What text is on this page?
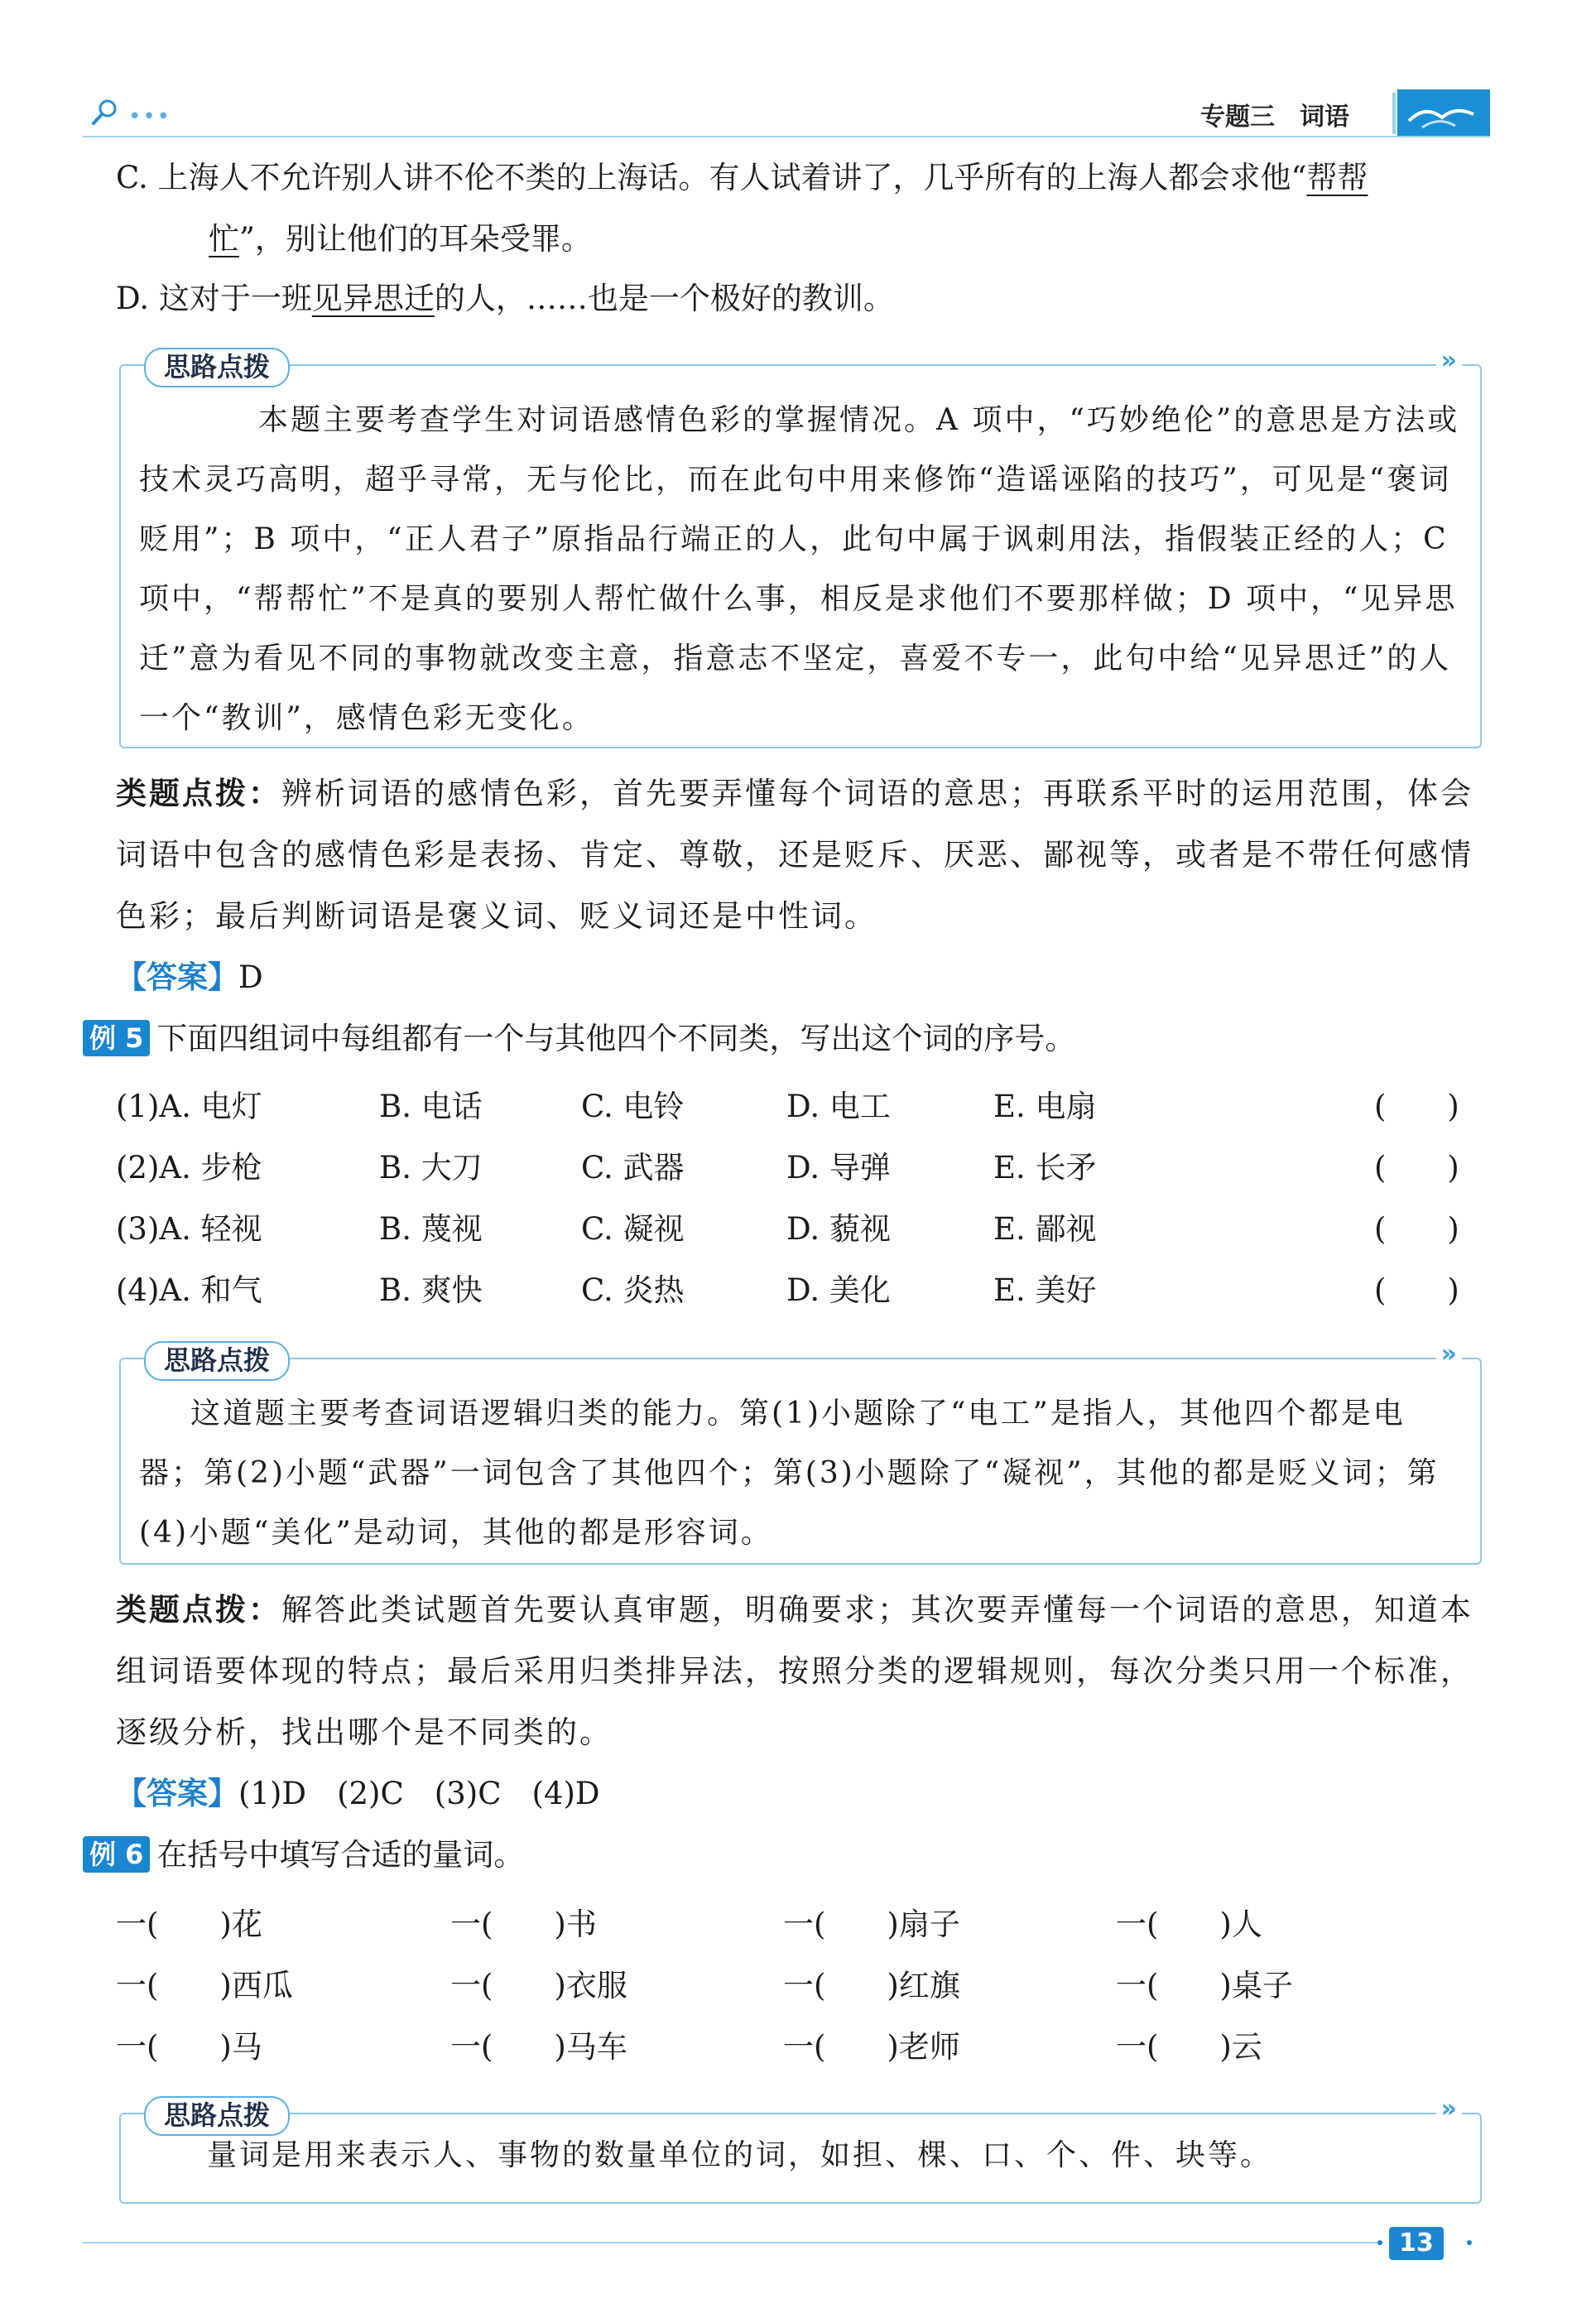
•••	专题三　词语
C. 上海人不允许别人讲不伦不类的上海话。有人试着讲了，几乎所有的上海人都会求他“帮帮
忙”，别让他们的耳朵受罪。
D. 这对于一班见异思迁的人，……也是一个极好的教训。
思路点拨	»
本题主要考查学生对词语感情色彩的掌握情况。A 项中，“巧妙绝伦”的意思是方法或技术灵巧高明，超乎寻常，无与伦比，而在此句中用来修饰“造谣诬陷的技巧”，可见是“褒词贬用”；B 项中，“正人君子”原指品行端正的人，此句中属于讽刺用法，指假装正经的人；C 项中，“帮帮忙”不是真的要别人帮忙做什么事，相反是求他们不要那样做；D 项中，“见异思迁”意为看见不同的事物就改变主意，指意志不坚定，喜爱不专一，此句中给“见异思迁”的人一个“教训”，感情色彩无变化。
类题点拨：辨析词语的感情色彩，首先要弄懂每个词语的意思；再联系平时的运用范围，体会词语中包含的感情色彩是表扬、肯定、尊敬，还是贬斥、厌恶、鄙视等，或者是不带任何感情色彩；最后判断词语是褒义词、贬义词还是中性词。
【答案】D
例 5 下面四组词中每组都有一个与其他四个不同类，写出这个词的序号。
(1)A. 电灯	B. 电话	C. 电铃	D. 电工	E. 电扇	(　　)
(2)A. 步枪	B. 大刀	C. 武器	D. 导弹	E. 长矛	(　　)
(3)A. 轻视	B. 蔑视	C. 凝视	D. 藐视	E. 鄙视	(　　)
(4)A. 和气	B. 爽快	C. 炎热	D. 美化	E. 美好	(　　)
思路点拨	»
这道题主要考查词语逻辑归类的能力。第(1)小题除了“电工”是指人，其他四个都是电器；第(2)小题“武器”一词包含了其他四个；第(3)小题除了“凝视”，其他的都是贬义词；第(4)小题“美化”是动词，其他的都是形容词。
类题点拨：解答此类试题首先要认真审题，明确要求；其次要弄懂每一个词语的意思，知道本组词语要体现的特点；最后采用归类排异法，按照分类的逻辑规则，每次分类只用一个标准，逐级分析，找出哪个是不同类的。
【答案】(1)D　(2)C　(3)C　(4)D
例 6 在括号中填写合适的量词。
一(　　)花	一(　　)书	一(　　)扇子	一(　　)人
一(　　)西瓜	一(　　)衣服	一(　　)红旗	一(　　)桌子
一(　　)马	一(　　)马车	一(　　)老师	一(　　)云
思路点拨	»
量词是用来表示人、事物的数量单位的词，如担、棵、口、个、件、块等。
13
